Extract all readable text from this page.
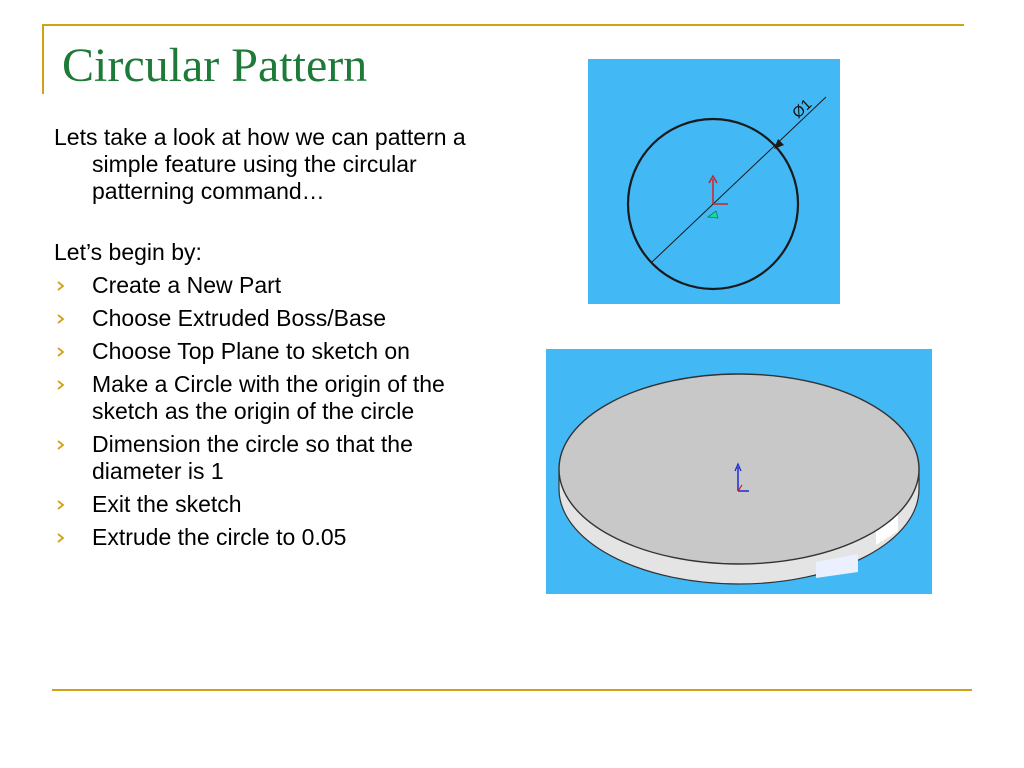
Circular Pattern

Lets take a look at how we can pattern a simple feature using the circular patterning command…

Let’s begin by:

Create a New Part
Choose Extruded Boss/Base
Choose Top Plane to sketch on
Make a Circle with the origin of the sketch as the origin of the circle
Dimension the circle so that the diameter is 1
Exit the sketch
Extrude the circle to 0.05
Ø1
